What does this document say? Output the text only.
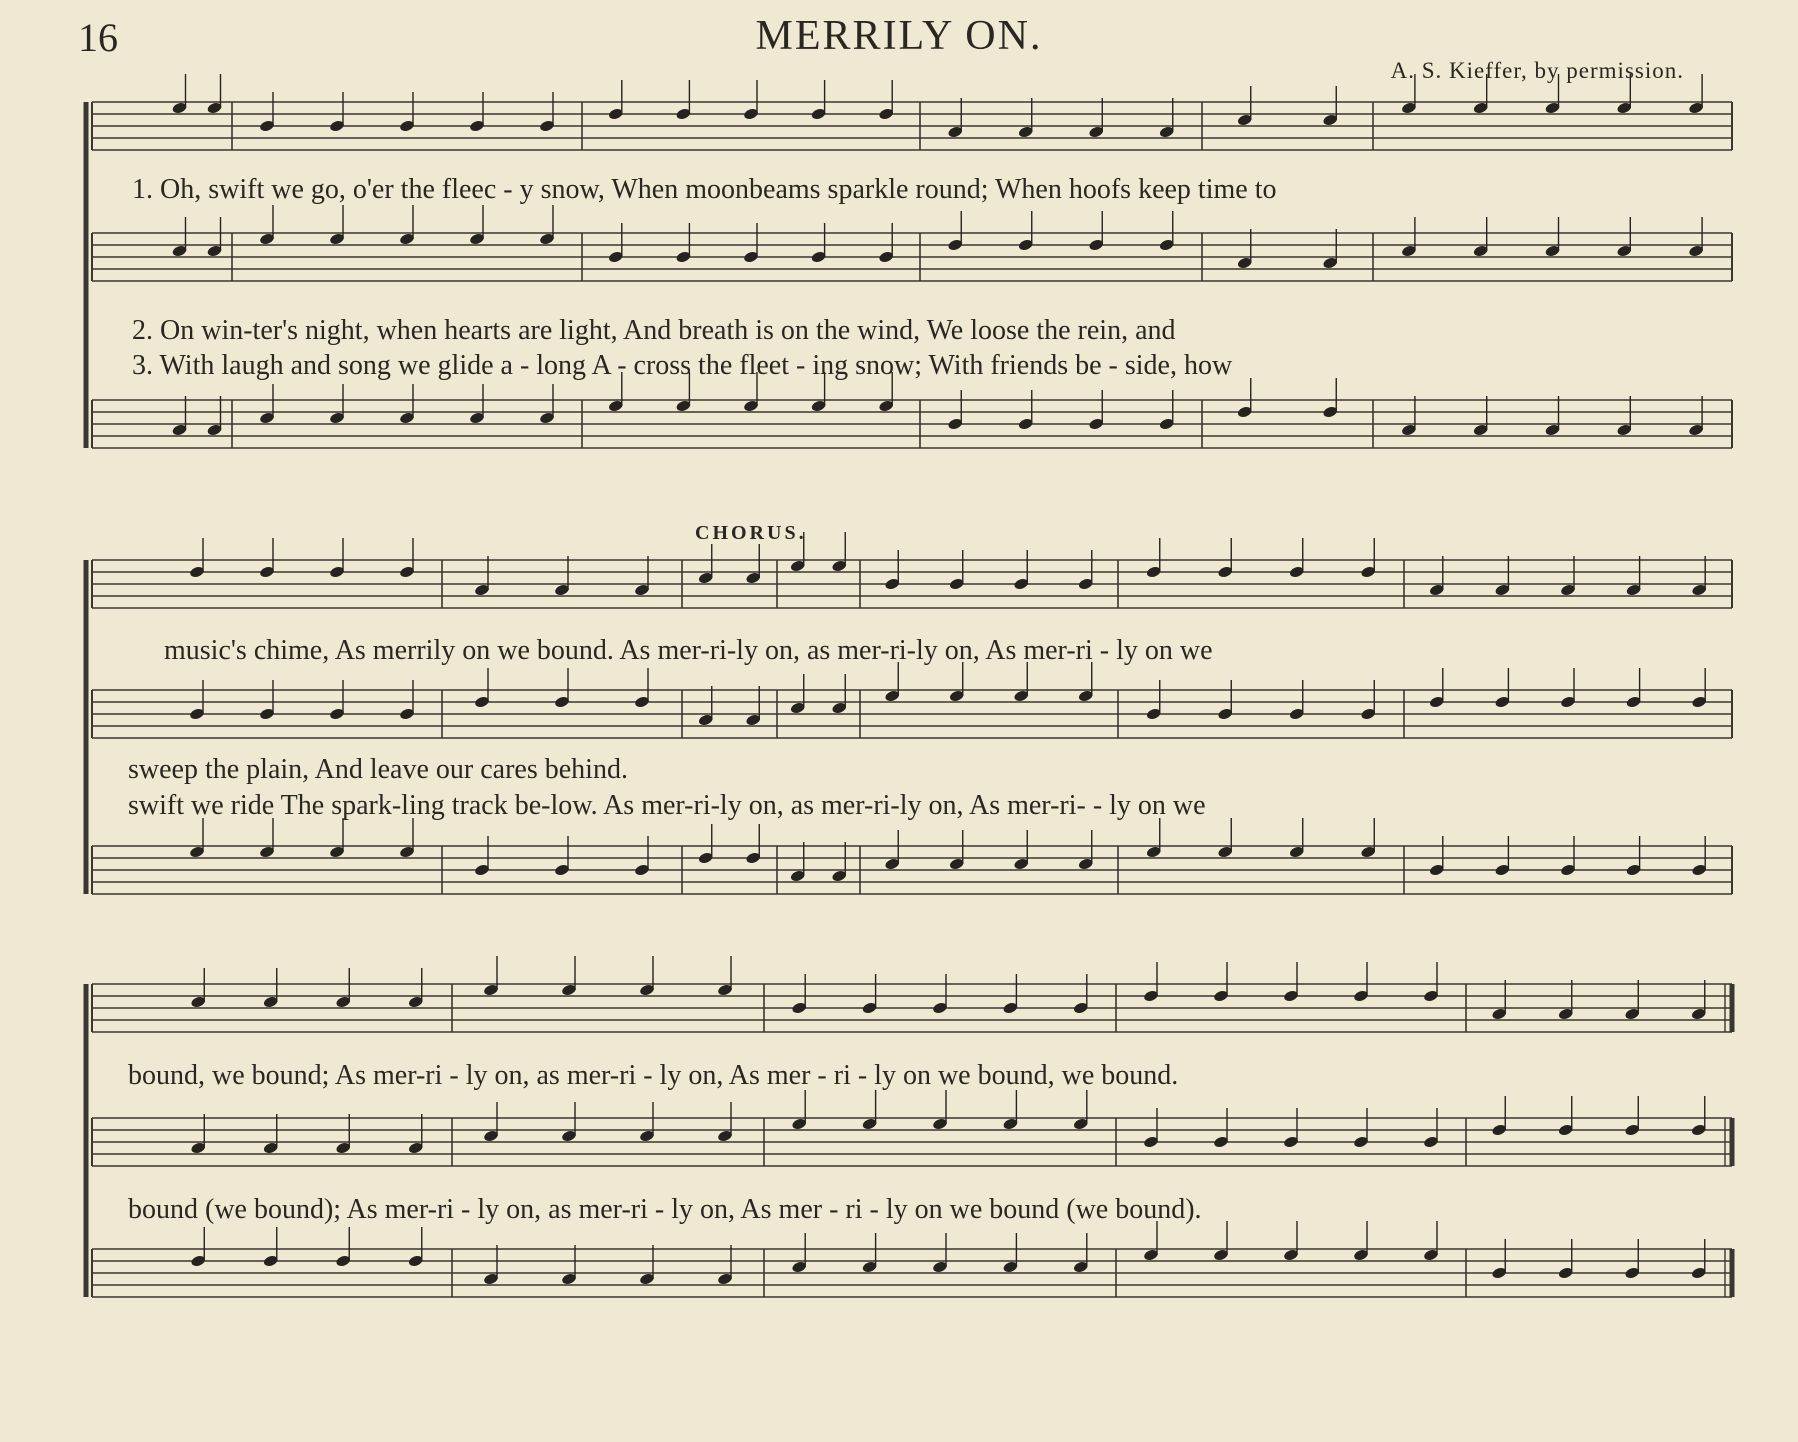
16	MERRILY ON.
A. S. Kieffer, by permission.
CHORUS.
1. Oh, swift we go, o'er the fleec - y snow, When moonbeams sparkle round; When hoofs keep time to
2. On win-ter's night, when hearts are light, And breath is on the wind, We loose the rein, and
3. With laugh and song we glide a - long A - cross the fleet - ing snow; With friends be - side, how
music's chime, As merrily on we bound. As mer-ri-ly on, as mer-ri-ly on, As mer-ri - ly on we
sweep the plain, And leave our cares behind.
swift we ride The spark-ling track be-low. As mer-ri-ly on, as mer-ri-ly on, As mer-ri- - ly on we
bound, we bound; As mer-ri - ly on, as mer-ri - ly on, As mer - ri - ly on we bound, we bound.
bound (we bound); As mer-ri - ly on, as mer-ri - ly on, As mer - ri - ly on we bound (we bound).
